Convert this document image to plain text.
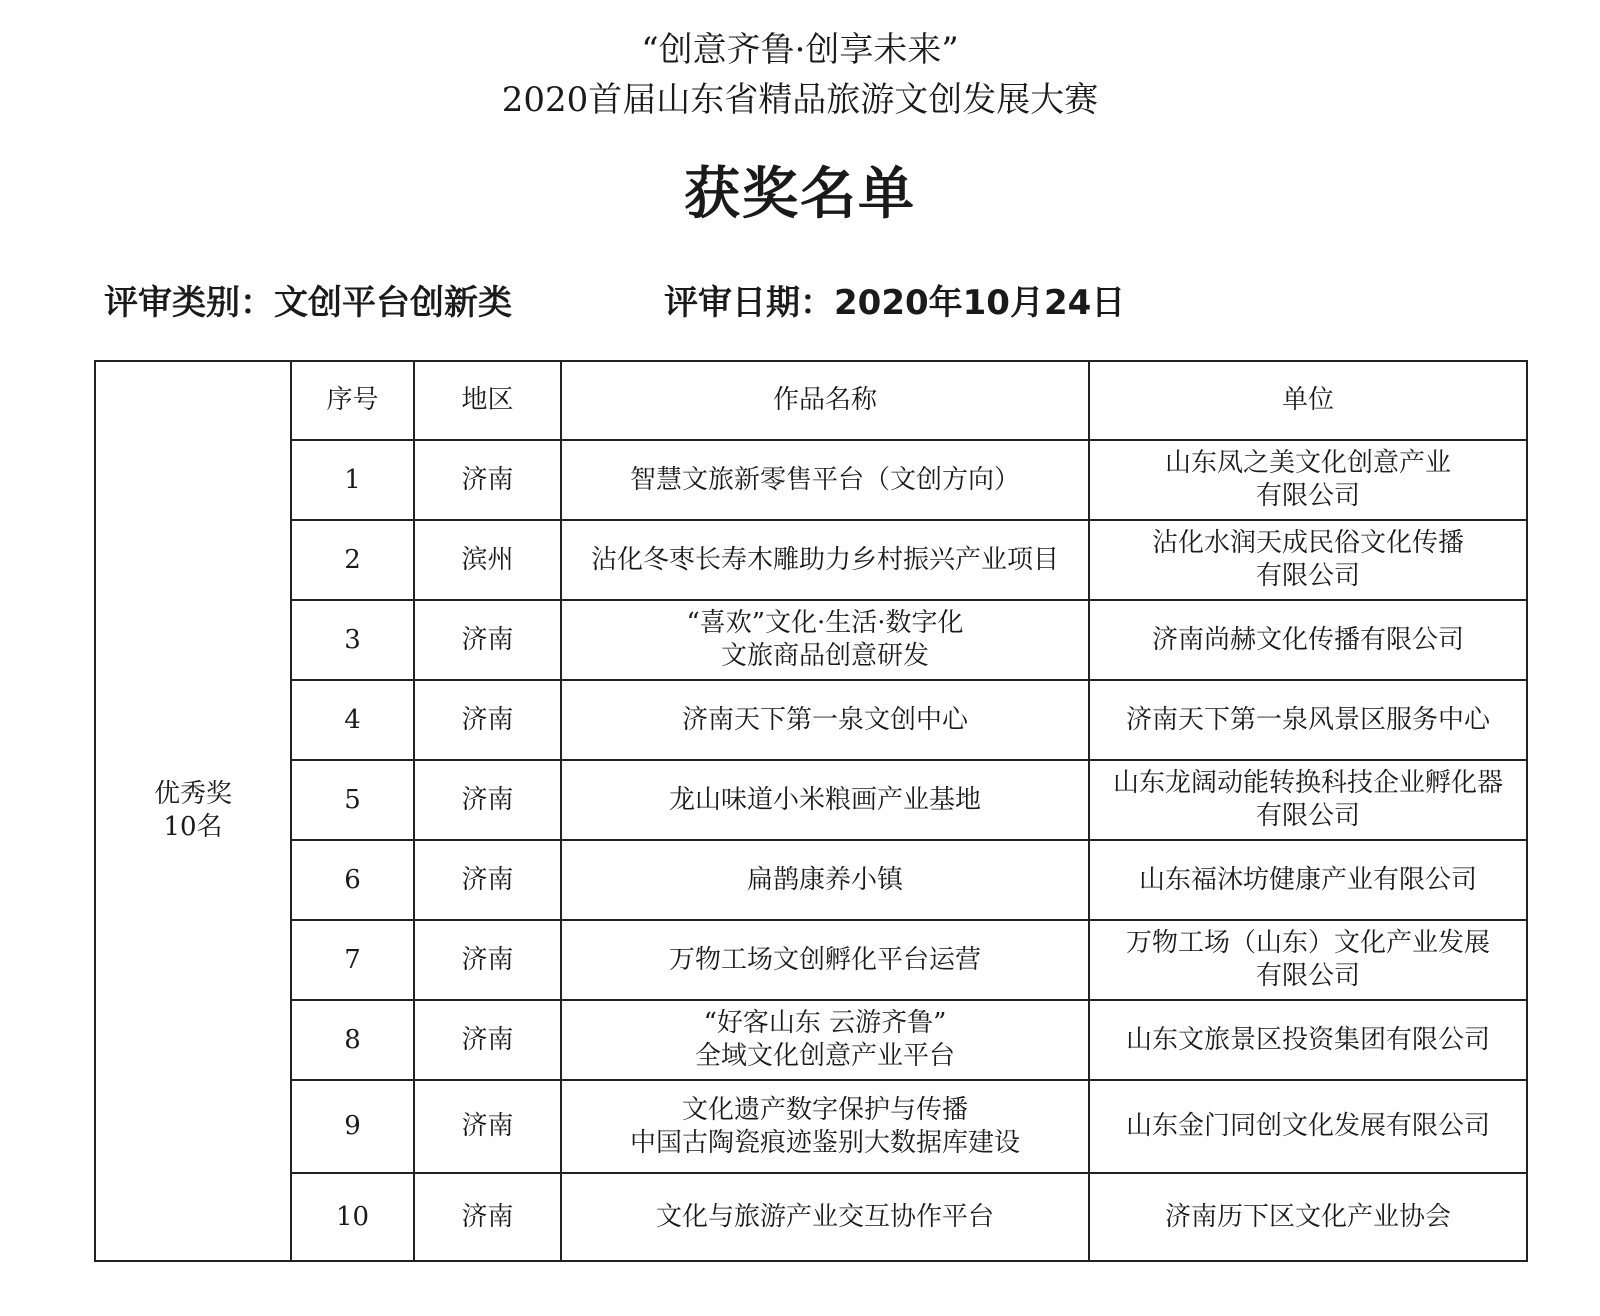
“创意齐鲁·创享未来”
2020首届山东省精品旅游文创发展大赛
获奖名单
评审类别：文创平台创新类	评审日期：2020年10月24日
优秀奖
10名	序号	地区	作品名称	单位
	1	济南	智慧文旅新零售平台（文创方向）	山东凤之美文化创意产业
有限公司

	2	滨州	沾化冬枣长寿木雕助力乡村振兴产业项目	沾化水润天成民俗文化传播
有限公司

	3	济南	“喜欢”文化·生活·数字化
文旅商品创意研发	济南尚赫文化传播有限公司

	4	济南	济南天下第一泉文创中心	济南天下第一泉风景区服务中心

	5	济南	龙山味道小米粮画产业基地	山东龙阔动能转换科技企业孵化器
有限公司

	6	济南	扁鹊康养小镇	山东福沐坊健康产业有限公司

	7	济南	万物工场文创孵化平台运营	万物工场（山东）文化产业发展
有限公司

	8	济南	“好客山东 云游齐鲁”
全域文化创意产业平台	山东文旅景区投资集团有限公司

	9	济南	文化遗产数字保护与传播
中国古陶瓷痕迹鉴别大数据库建设	山东金门同创文化发展有限公司

	10	济南	文化与旅游产业交互协作平台	济南历下区文化产业协会
